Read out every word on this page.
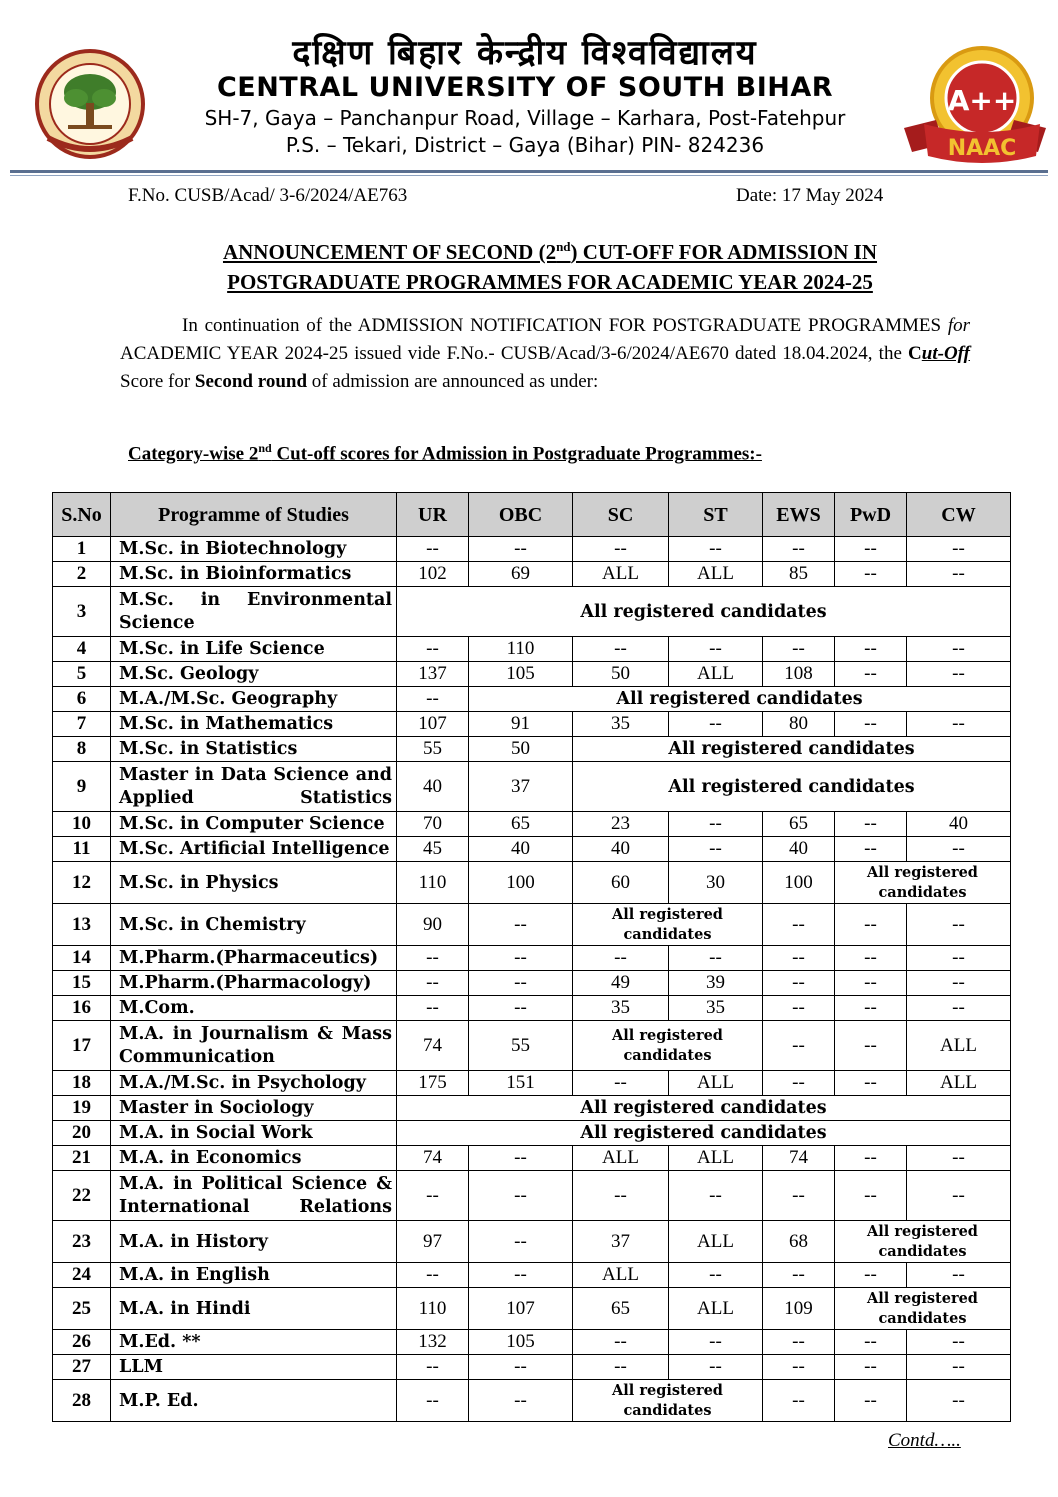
दक्षिण बिहार केन्द्रीय विश्वविद्यालय
CENTRAL UNIVERSITY OF SOUTH BIHAR
SH-7, Gaya – Panchanpur Road, Village – Karhara, Post-Fatehpur
P.S. – Tekari, District – Gaya (Bihar) PIN- 824236
A++
NAAC
F.No. CUSB/Acad/ 3-6/2024/AE763	Date: 17 May 2024
ANNOUNCEMENT OF SECOND (2nd) CUT-OFF FOR ADMISSION IN
POSTGRADUATE PROGRAMMES FOR ACADEMIC YEAR 2024-25
In continuation of the ADMISSION NOTIFICATION FOR POSTGRADUATE PROGRAMMES for ACADEMIC YEAR 2024-25 issued vide F.No.- CUSB/Acad/3-6/2024/AE670 dated 18.04.2024, the Cut-Off Score for Second round of admission are announced as under:
Category-wise 2nd Cut-off scores for Admission in Postgraduate Programmes:-
S.No	Programme of Studies	UR	OBC	SC	ST	EWS	PwD	CW
1	M.Sc. in Biotechnology	--	--	--	--	--	--	--
2	M.Sc. in Bioinformatics	102	69	ALL	ALL	85	--	--
3	M.Sc. in Environmental Science	All registered candidates						
4	M.Sc. in Life Science	--	110	--	--	--	--	--
5	M.Sc. Geology	137	105	50	ALL	108	--	--
6	M.A./M.Sc. Geography	--	All registered candidates					
7	M.Sc. in Mathematics	107	91	35	--	80	--	--
8	M.Sc. in Statistics	55	50	All registered candidates				
9	Master in Data Science and Applied Statistics	40	37	All registered candidates				
10	M.Sc. in Computer Science	70	65	23	--	65	--	40
11	M.Sc. Artificial Intelligence	45	40	40	--	40	--	--
12	M.Sc. in Physics	110	100	60	30	100	All registered candidates	
13	M.Sc. in Chemistry	90	--	All registered candidates		--	--	--
14	M.Pharm.(Pharmaceutics)	--	--	--	--	--	--	--
15	M.Pharm.(Pharmacology)	--	--	49	39	--	--	--
16	M.Com.	--	--	35	35	--	--	--
17	M.A. in Journalism & Mass Communication	74	55	All registered candidates		--	--	ALL
18	M.A./M.Sc. in Psychology	175	151	--	ALL	--	--	ALL
19	Master in Sociology	All registered candidates						
20	M.A. in Social Work	All registered candidates						
21	M.A. in Economics	74	--	ALL	ALL	74	--	--
22	M.A. in Political Science & International Relations	--	--	--	--	--	--	--
23	M.A. in History	97	--	37	ALL	68	All registered candidates	
24	M.A. in English	--	--	ALL	--	--	--	--
25	M.A. in Hindi	110	107	65	ALL	109	All registered candidates	
26	M.Ed. **	132	105	--	--	--	--	--
27	LLM	--	--	--	--	--	--	--
28	M.P. Ed.	--	--	All registered candidates		--	--	--
Contd…..
